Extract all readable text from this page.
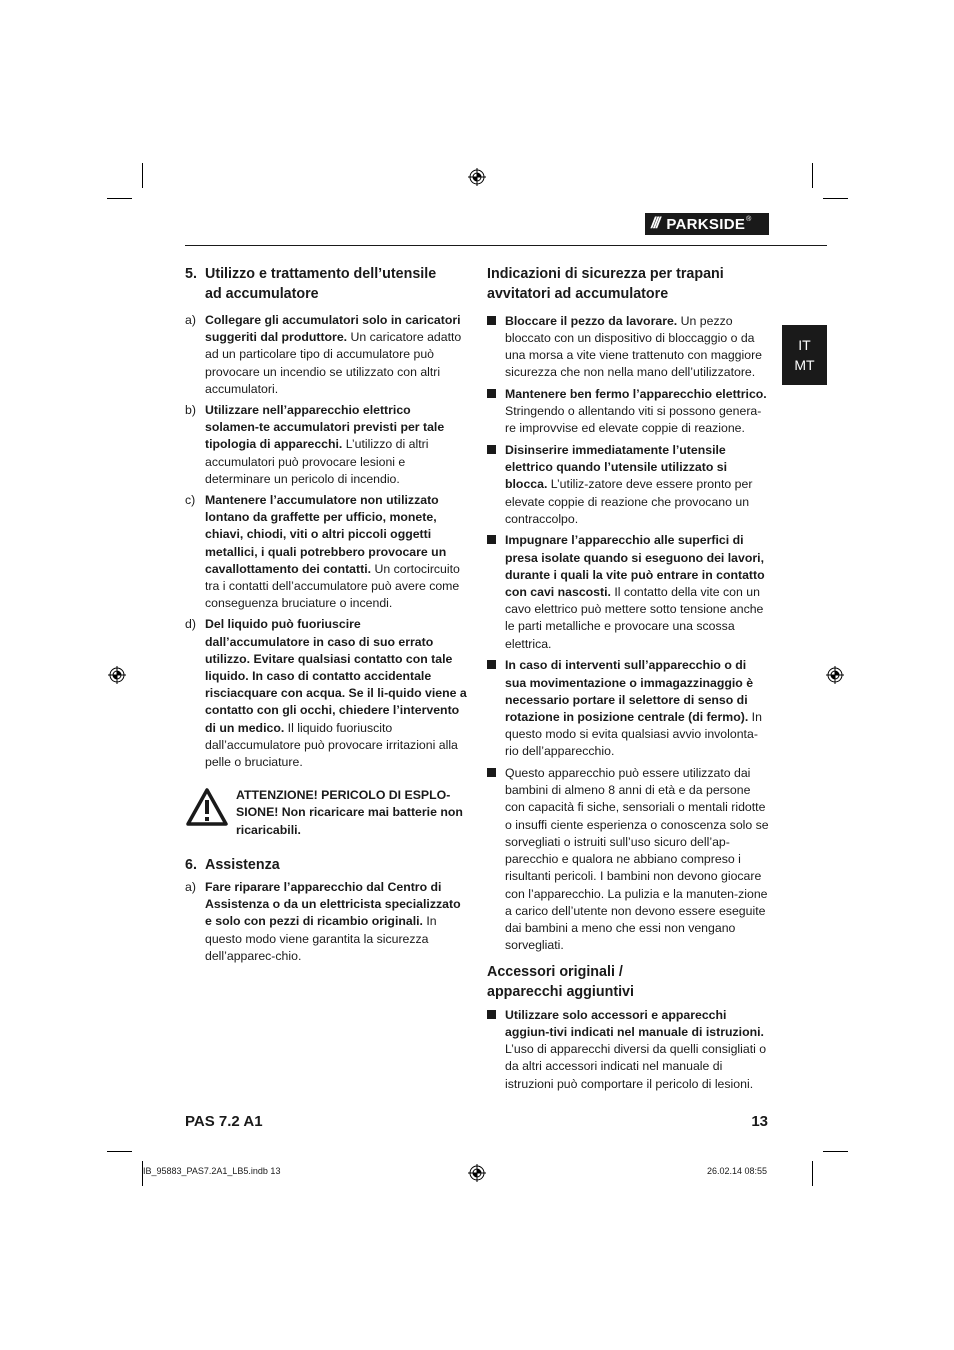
/// PARKSIDE ®
IT
MT
5. Utilizzo e trattamento dell’utensile
ad accumulatore
a) Collegare gli accumulatori solo in caricatori suggeriti dal produttore. Un caricatore adatto ad un particolare tipo di accumulatore può provocare un incendio se utilizzato con altri accumulatori.
b) Utilizzare nell’apparecchio elettrico solamen-te accumulatori previsti per tale tipologia di apparecchi. L’utilizzo di altri accumulatori può provocare lesioni e determinare un pericolo di incendio.
c) Mantenere l’accumulatore non utilizzato lontano da graffette per ufficio, monete, chiavi, chiodi, viti o altri piccoli oggetti metallici, i quali potrebbero provocare un cavallottamento dei contatti. Un cortocircuito tra i contatti dell’accumulatore può avere come conseguenza bruciature o incendi.
d) Del liquido può fuoriuscire dall’accumulatore in caso di suo errato utilizzo. Evitare qualsiasi contatto con tale liquido. In caso di contatto accidentale risciacquare con acqua. Se il li-quido viene a contatto con gli occhi, chiedere l’intervento di un medico. Il liquido fuoriuscito dall’accumulatore può provocare irritazioni alla pelle o bruciature.
ATTENZIONE! PERICOLO DI ESPLO-SIONE! Non ricaricare mai batterie non ricaricabili.
6. Assistenza
a) Fare riparare l’apparecchio dal Centro di Assistenza o da un elettricista specializzato e solo con pezzi di ricambio originali. In questo modo viene garantita la sicurezza dell’apparec-chio.
Indicazioni di sicurezza per trapani
avvitatori ad accumulatore
Bloccare il pezzo da lavorare. Un pezzo bloccato con un dispositivo di bloccaggio o da una morsa a vite viene trattenuto con maggiore sicurezza che non nella mano dell’utilizzatore.
Mantenere ben fermo l’apparecchio elettrico. Stringendo o allentando viti si possono genera-re improvvise ed elevate coppie di reazione.
Disinserire immediatamente l’utensile elettrico quando l’utensile utilizzato si blocca. L’utiliz-zatore deve essere pronto per elevate coppie di reazione che provocano un contraccolpo.
Impugnare l’apparecchio alle superfici di presa isolate quando si eseguono dei lavori, durante i quali la vite può entrare in contatto con cavi nascosti. Il contatto della vite con un cavo elettrico può mettere sotto tensione anche le parti metalliche e provocare una scossa elettrica.
In caso di interventi sull’apparecchio o di sua movimentazione o immagazzinaggio è necessario portare il selettore di senso di rotazione in posizione centrale (di fermo). In questo modo si evita qualsiasi avvio involonta-rio dell’apparecchio.
Questo apparecchio può essere utilizzato dai bambini di almeno 8 anni di età e da persone con capacità fi siche, sensoriali o mentali ridotte o insuffi ciente esperienza o conoscenza solo se sorvegliati o istruiti sull’uso sicuro dell’ap-parecchio e qualora ne abbiano compreso i risultanti pericoli. I bambini non devono giocare con l’apparecchio. La pulizia e la manuten-zione a carico dell’utente non devono essere eseguite dai bambini a meno che essi non vengano sorvegliati.
Accessori originali /
apparecchi aggiuntivi
Utilizzare solo accessori e apparecchi aggiun-tivi indicati nel manuale di istruzioni. L’uso di apparecchi diversi da quelli consigliati o da altri accessori indicati nel manuale di istruzioni può comportare il pericolo di lesioni.
PAS 7.2 A1	13
IB_95883_PAS7.2A1_LB5.indb 13	26.02.14 08:55
